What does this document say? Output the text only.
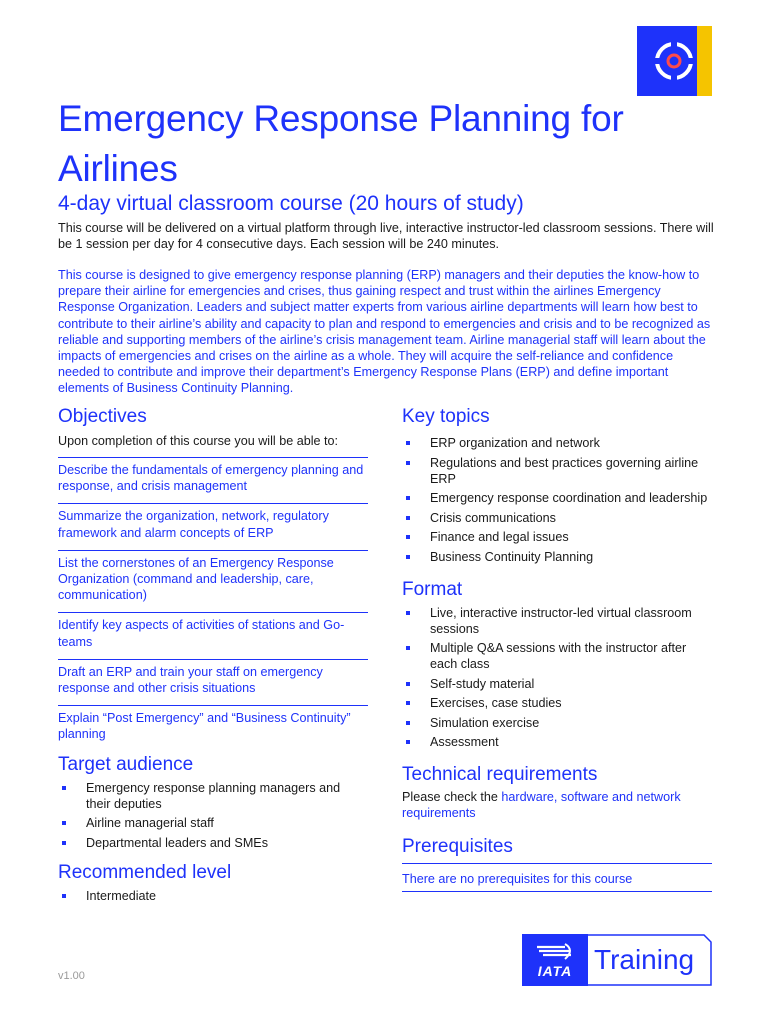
Emergency Response Planning for Airlines
4-day virtual classroom course (20 hours of study)

This course will be delivered on a virtual platform through live, interactive instructor-led classroom sessions. There will be 1 session per day for 4 consecutive days. Each session will be 240 minutes.

This course is designed to give emergency response planning (ERP) managers and their deputies the know-how to prepare their airline for emergencies and crises, thus gaining respect and trust within the airlines Emergency Response Organization. Leaders and subject matter experts from various airline departments will learn how best to contribute to their airline’s ability and capacity to plan and respond to emergencies and crisis and to be recognized as reliable and supporting members of the airline’s crisis management team. Airline managerial staff will learn about the impacts of emergencies and crises on the airline as a whole. They will acquire the self-reliance and confidence needed to contribute and improve their department’s Emergency Response Plans (ERP) and define important elements of Business Continuity Planning.

Objectives

Upon completion of this course you will be able to:

Describe the fundamentals of emergency planning and response, and crisis management
Summarize the organization, network, regulatory framework and alarm concepts of ERP
List the cornerstones of an Emergency Response Organization (command and leadership, care, communication)
Identify key aspects of activities of stations and Go-teams
Draft an ERP and train your staff on emergency response and other crisis situations
Explain “Post Emergency” and “Business Continuity” planning
Target audience
Emergency response planning managers and their deputies
Airline managerial staff
Departmental leaders and SMEs
Recommended level
Intermediate
Key topics
ERP organization and network
Regulations and best practices governing airline ERP
Emergency response coordination and leadership
Crisis communications
Finance and legal issues
Business Continuity Planning
Format
Live, interactive instructor-led virtual classroom sessions
Multiple Q&A sessions with the instructor after each class
Self-study material
Exercises, case studies
Simulation exercise
Assessment
Technical requirements

Please check the hardware, software and network requirements

Prerequisites

There are no prerequisites for this course

v1.00	IATA Training
